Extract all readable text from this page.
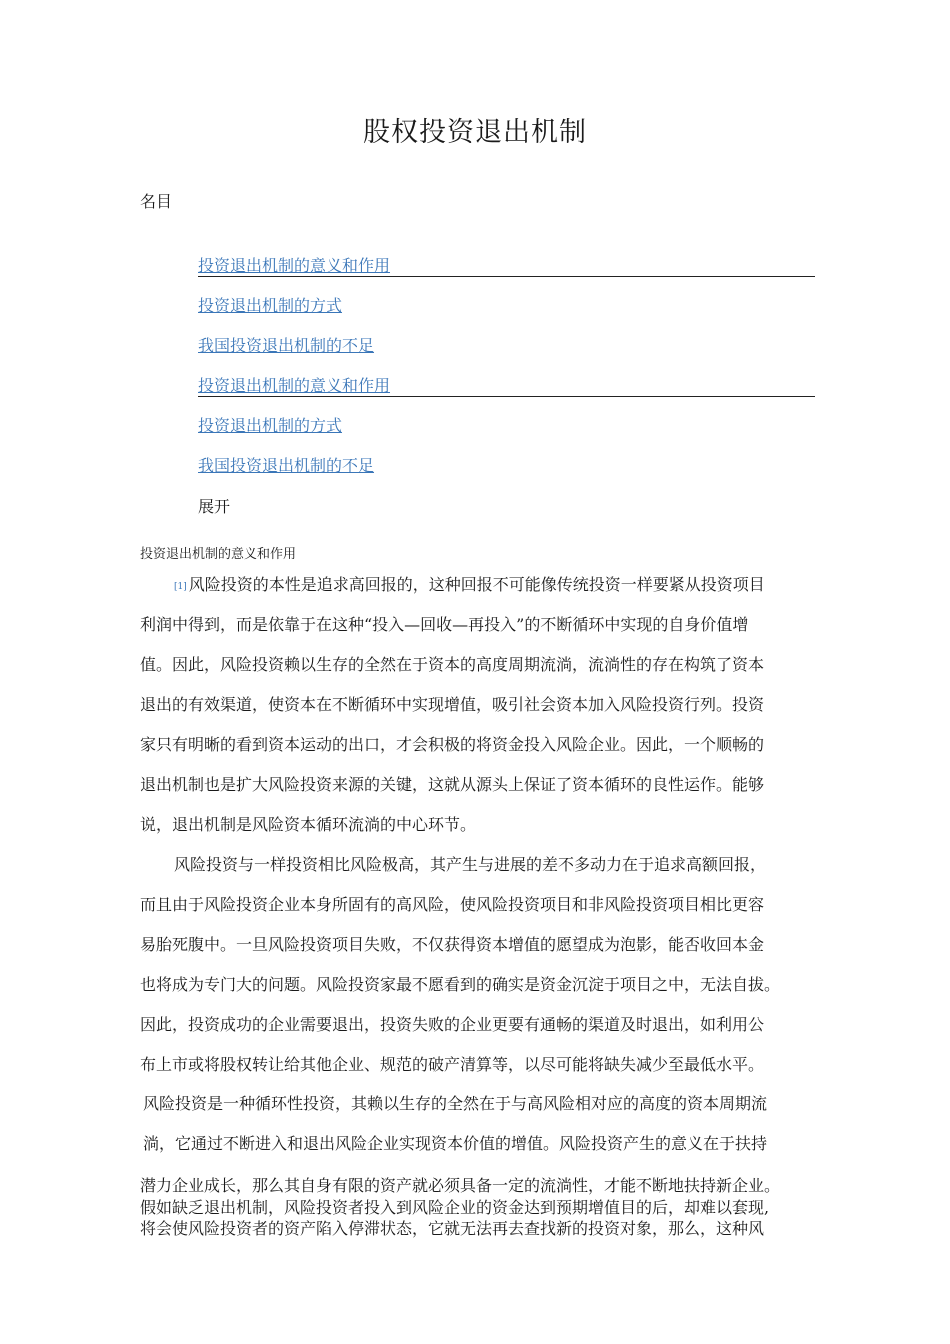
股权投资退出机制
名目
投资退出机制的意义和作用
投资退出机制的方式
我国投资退出机制的不足
投资退出机制的意义和作用
投资退出机制的方式
我国投资退出机制的不足
展开
投资退出机制的意义和作用
[1] 风险投资的本性是追求高回报的，这种回报不可能像传统投资一样要紧从投资项目
利润中得到，而是依靠于在这种“投入—回收—再投入”的不断循环中实现的自身价值增
值。因此，风险投资赖以生存的全然在于资本的高度周期流淌，流淌性的存在构筑了资本
退出的有效渠道，使资本在不断循环中实现增值，吸引社会资本加入风险投资行列。投资
家只有明晰的看到资本运动的出口，才会积极的将资金投入风险企业。因此，一个顺畅的
退出机制也是扩大风险投资来源的关键，这就从源头上保证了资本循环的良性运作。能够
说，退出机制是风险资本循环流淌的中心环节。
风险投资与一样投资相比风险极高，其产生与进展的差不多动力在于追求高额回报，
而且由于风险投资企业本身所固有的高风险，使风险投资项目和非风险投资项目相比更容
易胎死腹中。一旦风险投资项目失败，不仅获得资本增值的愿望成为泡影，能否收回本金
也将成为专门大的问题。风险投资家最不愿看到的确实是资金沉淀于项目之中，无法自拔。
因此，投资成功的企业需要退出，投资失败的企业更要有通畅的渠道及时退出，如利用公
布上市或将股权转让给其他企业、规范的破产清算等，以尽可能将缺失减少至最低水平。
风险投资是一种循环性投资，其赖以生存的全然在于与高风险相对应的高度的资本周期流
淌，它通过不断进入和退出风险企业实现资本价值的增值。风险投资产生的意义在于扶持
潜力企业成长，那么其自身有限的资产就必须具备一定的流淌性，才能不断地扶持新企业。
假如缺乏退出机制，风险投资者投入到风险企业的资金达到预期增值目的后，却难以套现,
将会使风险投资者的资产陷入停滞状态，它就无法再去查找新的投资对象，那么，这种风
